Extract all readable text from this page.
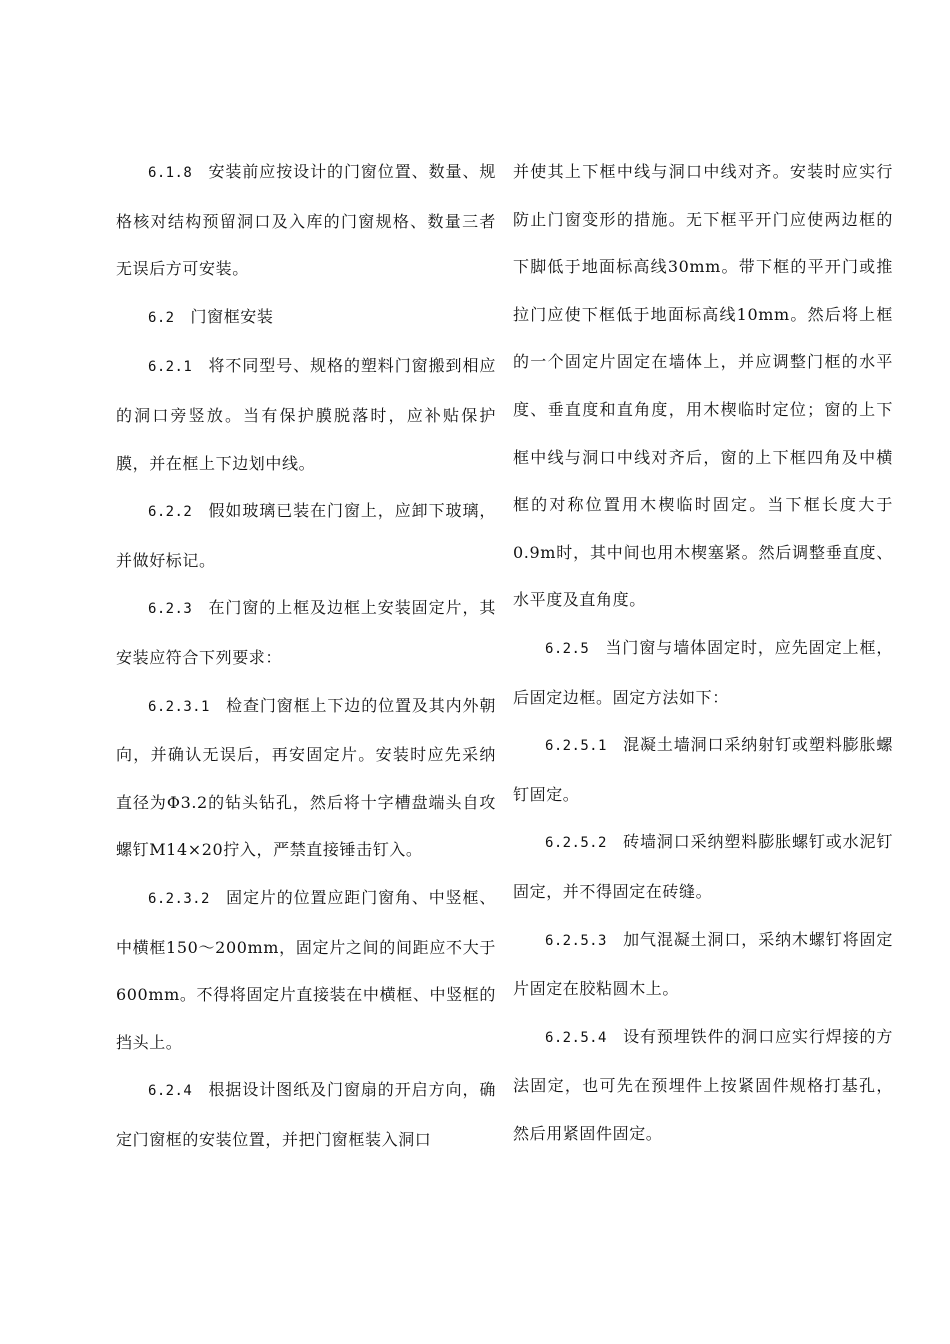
6.1.8 安装前应按设计的门窗位置、数量、规格核对结构预留洞口及入库的门窗规格、数量三者无误后方可安装。

6.2 门窗框安装

6.2.1 将不同型号、规格的塑料门窗搬到相应的洞口旁竖放。当有保护膜脱落时，应补贴保护膜，并在框上下边划中线。

6.2.2 假如玻璃已装在门窗上，应卸下玻璃，并做好标记。

6.2.3 在门窗的上框及边框上安装固定片，其安装应符合下列要求：

6.2.3.1 检查门窗框上下边的位置及其内外朝向，并确认无误后，再安固定片。安装时应先采纳直径为Φ3.2的钻头钻孔，然后将十字槽盘端头自攻螺钉M14×20拧入，严禁直接锤击钉入。

6.2.3.2 固定片的位置应距门窗角、中竖框、中横框150～200mm，固定片之间的间距应不大于600mm。不得将固定片直接装在中横框、中竖框的挡头上。

6.2.4 根据设计图纸及门窗扇的开启方向，确定门窗框的安装位置，并把门窗框装入洞口

并使其上下框中线与洞口中线对齐。安装时应实行防止门窗变形的措施。无下框平开门应使两边框的下脚低于地面标高线30mm。带下框的平开门或推拉门应使下框低于地面标高线10mm。然后将上框的一个固定片固定在墙体上，并应调整门框的水平度、垂直度和直角度，用木楔临时定位；窗的上下框中线与洞口中线对齐后，窗的上下框四角及中横框的对称位置用木楔临时固定。当下框长度大于0.9m时，其中间也用木楔塞紧。然后调整垂直度、水平度及直角度。

6.2.5 当门窗与墙体固定时，应先固定上框，后固定边框。固定方法如下：

6.2.5.1 混凝土墙洞口采纳射钉或塑料膨胀螺钉固定。

6.2.5.2 砖墙洞口采纳塑料膨胀螺钉或水泥钉固定，并不得固定在砖缝。

6.2.5.3 加气混凝土洞口，采纳木螺钉将固定片固定在胶粘圆木上。

6.2.5.4 设有预埋铁件的洞口应实行焊接的方法固定，也可先在预埋件上按紧固件规格打基孔，然后用紧固件固定。
